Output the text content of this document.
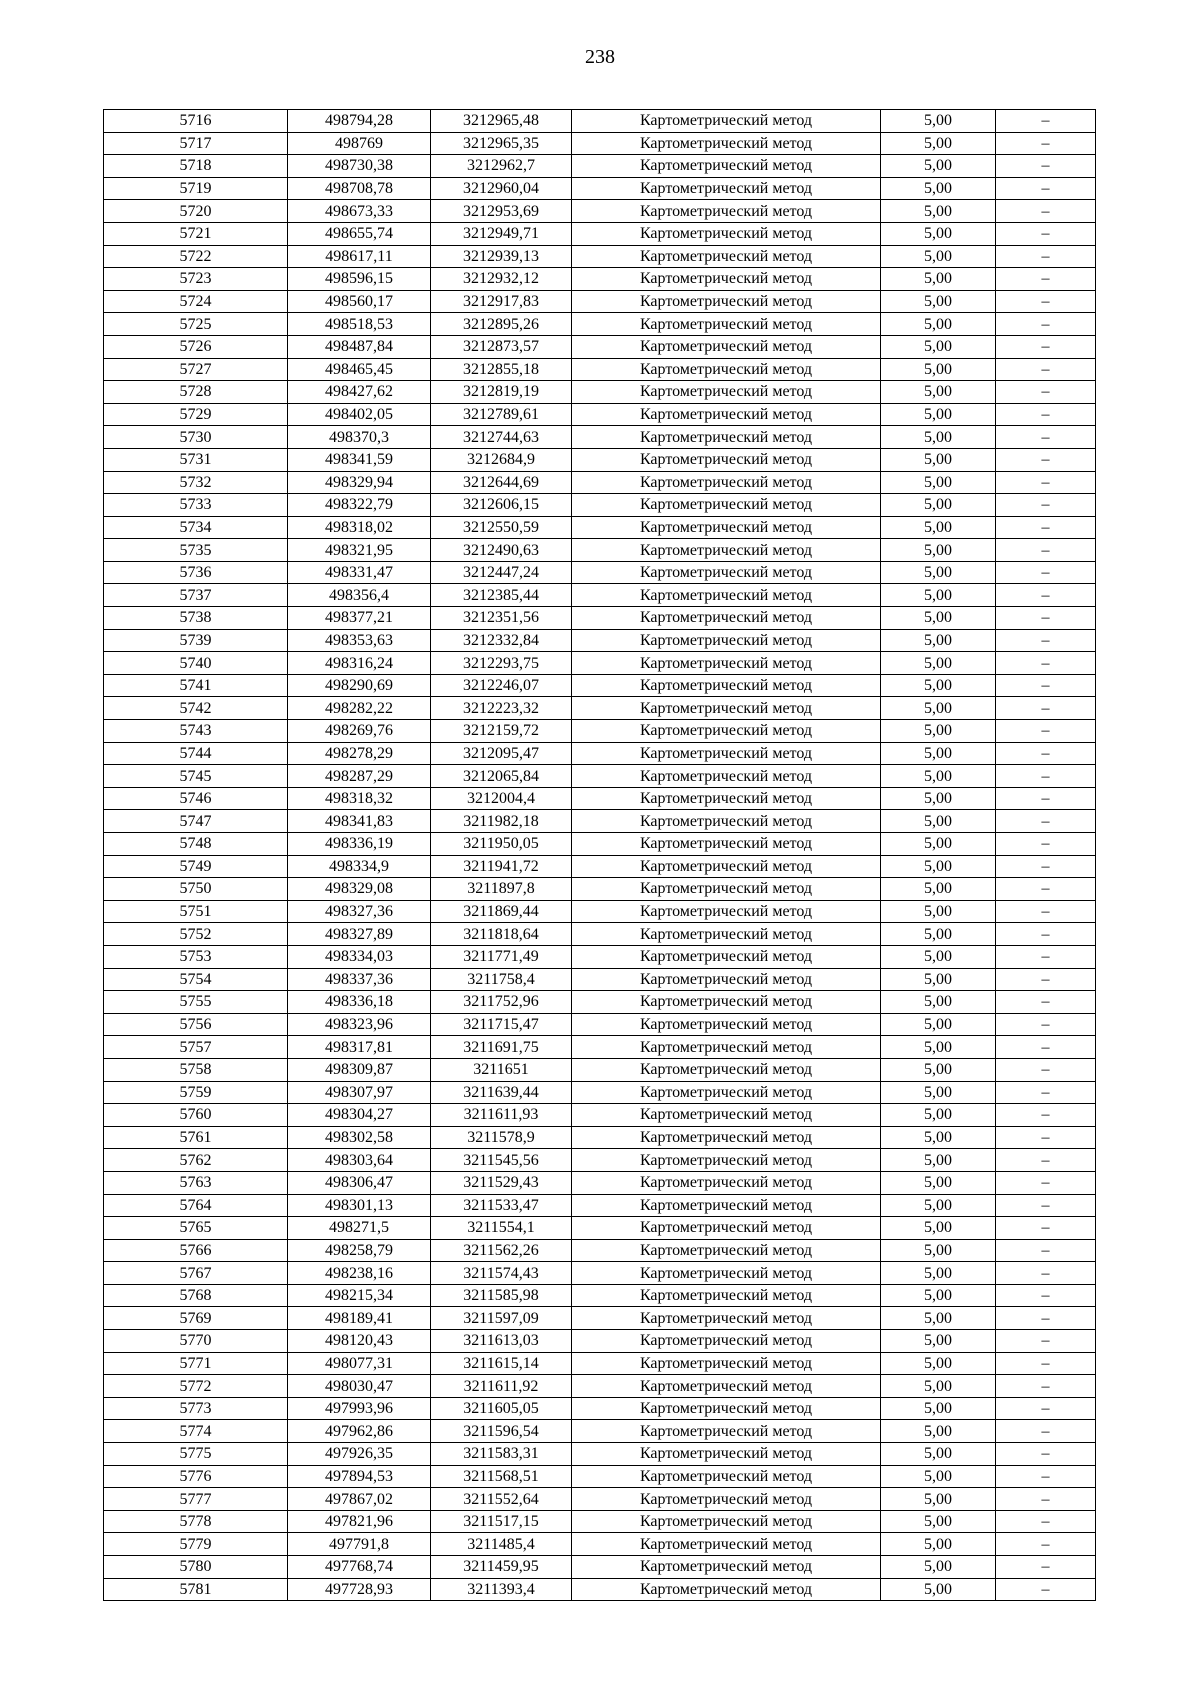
238
5716	498794,28	3212965,48	Картометрический метод	5,00	–
5717	498769	3212965,35	Картометрический метод	5,00	–
5718	498730,38	3212962,7	Картометрический метод	5,00	–
5719	498708,78	3212960,04	Картометрический метод	5,00	–
5720	498673,33	3212953,69	Картометрический метод	5,00	–
5721	498655,74	3212949,71	Картометрический метод	5,00	–
5722	498617,11	3212939,13	Картометрический метод	5,00	–
5723	498596,15	3212932,12	Картометрический метод	5,00	–
5724	498560,17	3212917,83	Картометрический метод	5,00	–
5725	498518,53	3212895,26	Картометрический метод	5,00	–
5726	498487,84	3212873,57	Картометрический метод	5,00	–
5727	498465,45	3212855,18	Картометрический метод	5,00	–
5728	498427,62	3212819,19	Картометрический метод	5,00	–
5729	498402,05	3212789,61	Картометрический метод	5,00	–
5730	498370,3	3212744,63	Картометрический метод	5,00	–
5731	498341,59	3212684,9	Картометрический метод	5,00	–
5732	498329,94	3212644,69	Картометрический метод	5,00	–
5733	498322,79	3212606,15	Картометрический метод	5,00	–
5734	498318,02	3212550,59	Картометрический метод	5,00	–
5735	498321,95	3212490,63	Картометрический метод	5,00	–
5736	498331,47	3212447,24	Картометрический метод	5,00	–
5737	498356,4	3212385,44	Картометрический метод	5,00	–
5738	498377,21	3212351,56	Картометрический метод	5,00	–
5739	498353,63	3212332,84	Картометрический метод	5,00	–
5740	498316,24	3212293,75	Картометрический метод	5,00	–
5741	498290,69	3212246,07	Картометрический метод	5,00	–
5742	498282,22	3212223,32	Картометрический метод	5,00	–
5743	498269,76	3212159,72	Картометрический метод	5,00	–
5744	498278,29	3212095,47	Картометрический метод	5,00	–
5745	498287,29	3212065,84	Картометрический метод	5,00	–
5746	498318,32	3212004,4	Картометрический метод	5,00	–
5747	498341,83	3211982,18	Картометрический метод	5,00	–
5748	498336,19	3211950,05	Картометрический метод	5,00	–
5749	498334,9	3211941,72	Картометрический метод	5,00	–
5750	498329,08	3211897,8	Картометрический метод	5,00	–
5751	498327,36	3211869,44	Картометрический метод	5,00	–
5752	498327,89	3211818,64	Картометрический метод	5,00	–
5753	498334,03	3211771,49	Картометрический метод	5,00	–
5754	498337,36	3211758,4	Картометрический метод	5,00	–
5755	498336,18	3211752,96	Картометрический метод	5,00	–
5756	498323,96	3211715,47	Картометрический метод	5,00	–
5757	498317,81	3211691,75	Картометрический метод	5,00	–
5758	498309,87	3211651	Картометрический метод	5,00	–
5759	498307,97	3211639,44	Картометрический метод	5,00	–
5760	498304,27	3211611,93	Картометрический метод	5,00	–
5761	498302,58	3211578,9	Картометрический метод	5,00	–
5762	498303,64	3211545,56	Картометрический метод	5,00	–
5763	498306,47	3211529,43	Картометрический метод	5,00	–
5764	498301,13	3211533,47	Картометрический метод	5,00	–
5765	498271,5	3211554,1	Картометрический метод	5,00	–
5766	498258,79	3211562,26	Картометрический метод	5,00	–
5767	498238,16	3211574,43	Картометрический метод	5,00	–
5768	498215,34	3211585,98	Картометрический метод	5,00	–
5769	498189,41	3211597,09	Картометрический метод	5,00	–
5770	498120,43	3211613,03	Картометрический метод	5,00	–
5771	498077,31	3211615,14	Картометрический метод	5,00	–
5772	498030,47	3211611,92	Картометрический метод	5,00	–
5773	497993,96	3211605,05	Картометрический метод	5,00	–
5774	497962,86	3211596,54	Картометрический метод	5,00	–
5775	497926,35	3211583,31	Картометрический метод	5,00	–
5776	497894,53	3211568,51	Картометрический метод	5,00	–
5777	497867,02	3211552,64	Картометрический метод	5,00	–
5778	497821,96	3211517,15	Картометрический метод	5,00	–
5779	497791,8	3211485,4	Картометрический метод	5,00	–
5780	497768,74	3211459,95	Картометрический метод	5,00	–
5781	497728,93	3211393,4	Картометрический метод	5,00	–
